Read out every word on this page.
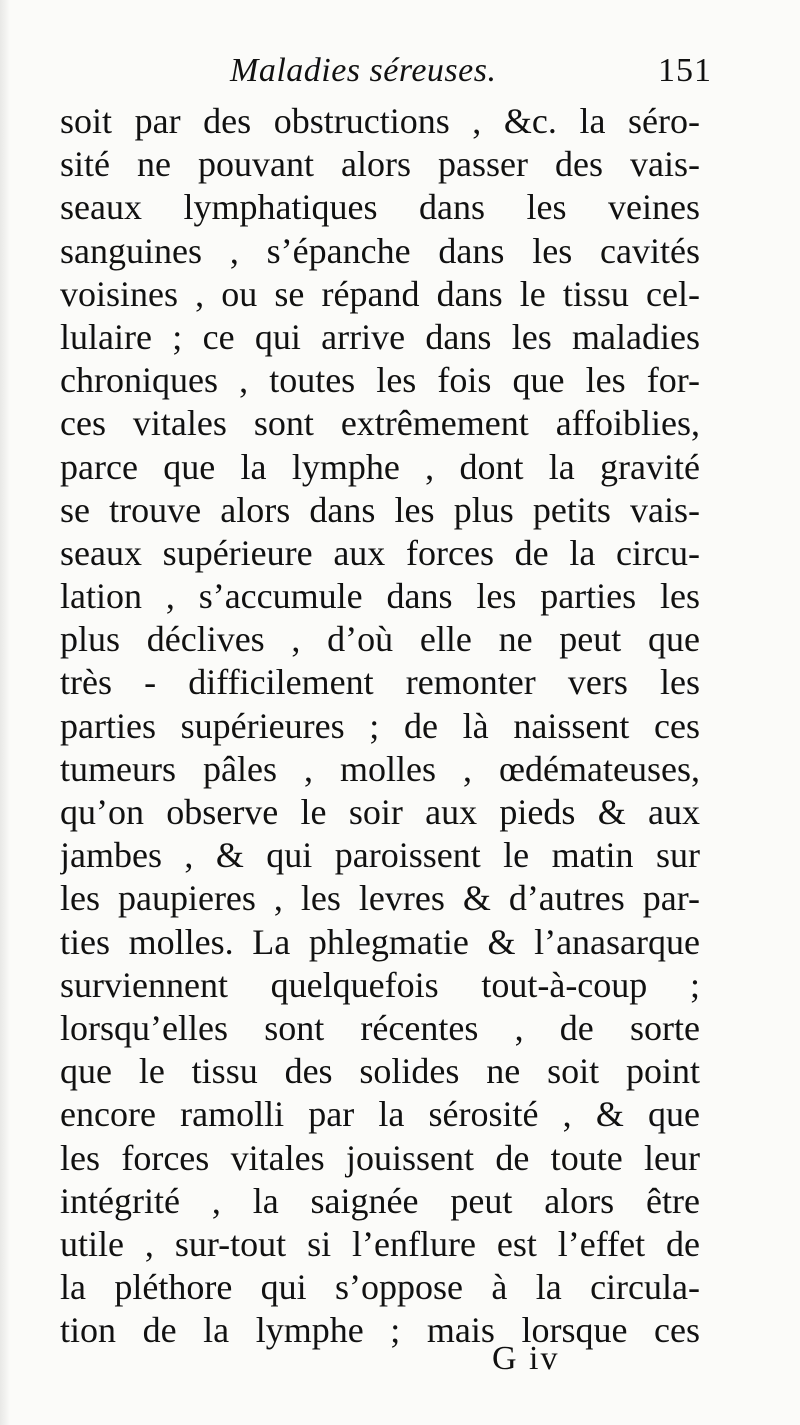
Maladies séreuses.	151
soit par des obstructions , &c. la séro-
sité ne pouvant alors passer des vais-
seaux lymphatiques dans les veines
sanguines , s’épanche dans les cavités
voisines , ou se répand dans le tissu cel-
lulaire ; ce qui arrive dans les maladies
chroniques , toutes les fois que les for-
ces vitales sont extrêmement affoiblies,
parce que la lymphe , dont la gravité
se trouve alors dans les plus petits vais-
seaux supérieure aux forces de la circu-
lation , s’accumule dans les parties les
plus déclives , d’où elle ne peut que
très - difficilement remonter vers les
parties supérieures ; de là naissent ces
tumeurs pâles , molles , œdémateuses,
qu’on observe le soir aux pieds & aux
jambes , & qui paroissent le matin sur
les paupieres , les levres & d’autres par-
ties molles. La phlegmatie & l’anasarque
surviennent quelquefois tout-à-coup ;
lorsqu’elles sont récentes , de sorte
que le tissu des solides ne soit point
encore ramolli par la sérosité , & que
les forces vitales jouissent de toute leur
intégrité , la saignée peut alors être
utile , sur-tout si l’enflure est l’effet de
la pléthore qui s’oppose à la circula-
tion de la lymphe ; mais lorsque ces
G iv
